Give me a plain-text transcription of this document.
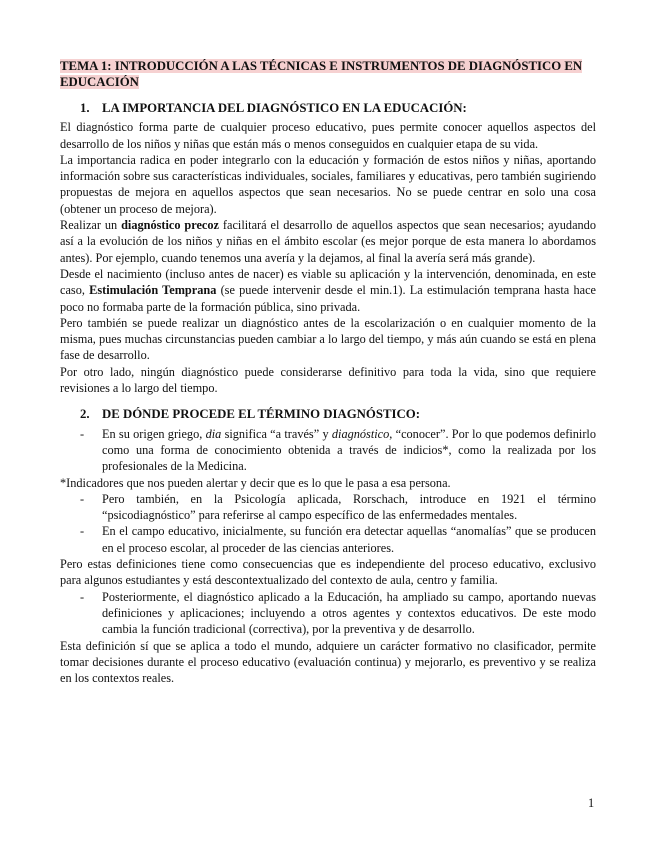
TEMA 1: INTRODUCCIÓN A LAS TÉCNICAS E INSTRUMENTOS DE DIAGNÓSTICO EN EDUCACIÓN
1. LA IMPORTANCIA DEL DIAGNÓSTICO EN LA EDUCACIÓN:

El diagnóstico forma parte de cualquier proceso educativo, pues permite conocer aquellos aspectos del desarrollo de los niños y niñas que están más o menos conseguidos en cualquier etapa de su vida.

La importancia radica en poder integrarlo con la educación y formación de estos niños y niñas, aportando información sobre sus características individuales, sociales, familiares y educativas, pero también sugiriendo propuestas de mejora en aquellos aspectos que sean necesarios. No se puede centrar en solo una cosa (obtener un proceso de mejora).

Realizar un diagnóstico precoz facilitará el desarrollo de aquellos aspectos que sean necesarios; ayudando así a la evolución de los niños y niñas en el ámbito escolar (es mejor porque de esta manera lo abordamos antes). Por ejemplo, cuando tenemos una avería y la dejamos, al final la avería será más grande).

Desde el nacimiento (incluso antes de nacer) es viable su aplicación y la intervención, denominada, en este caso, Estimulación Temprana (se puede intervenir desde el min.1). La estimulación temprana hasta hace poco no formaba parte de la formación pública, sino privada.

Pero también se puede realizar un diagnóstico antes de la escolarización o en cualquier momento de la misma, pues muchas circunstancias pueden cambiar a lo largo del tiempo, y más aún cuando se está en plena fase de desarrollo.

Por otro lado, ningún diagnóstico puede considerarse definitivo para toda la vida, sino que requiere revisiones a lo largo del tiempo.

2. DE DÓNDE PROCEDE EL TÉRMINO DIAGNÓSTICO:
- En su origen griego, dia significa “a través” y diagnóstico, “conocer”. Por lo que podemos definirlo como una forma de conocimiento obtenida a través de indicios*, como la realizada por los profesionales de la Medicina.

*Indicadores que nos pueden alertar y decir que es lo que le pasa a esa persona.

- Pero también, en la Psicología aplicada, Rorschach, introduce en 1921 el término “psicodiagnóstico” para referirse al campo específico de las enfermedades mentales.
- En el campo educativo, inicialmente, su función era detectar aquellas “anomalías” que se producen en el proceso escolar, al proceder de las ciencias anteriores.

Pero estas definiciones tiene como consecuencias que es independiente del proceso educativo, exclusivo para algunos estudiantes y está descontextualizado del contexto de aula, centro y familia.

- Posteriormente, el diagnóstico aplicado a la Educación, ha ampliado su campo, aportando nuevas definiciones y aplicaciones; incluyendo a otros agentes y contextos educativos. De este modo cambia la función tradicional (correctiva), por la preventiva y de desarrollo.

Esta definición sí que se aplica a todo el mundo, adquiere un carácter formativo no clasificador, permite tomar decisiones durante el proceso educativo (evaluación continua) y mejorarlo, es preventivo y se realiza en los contextos reales.

1
